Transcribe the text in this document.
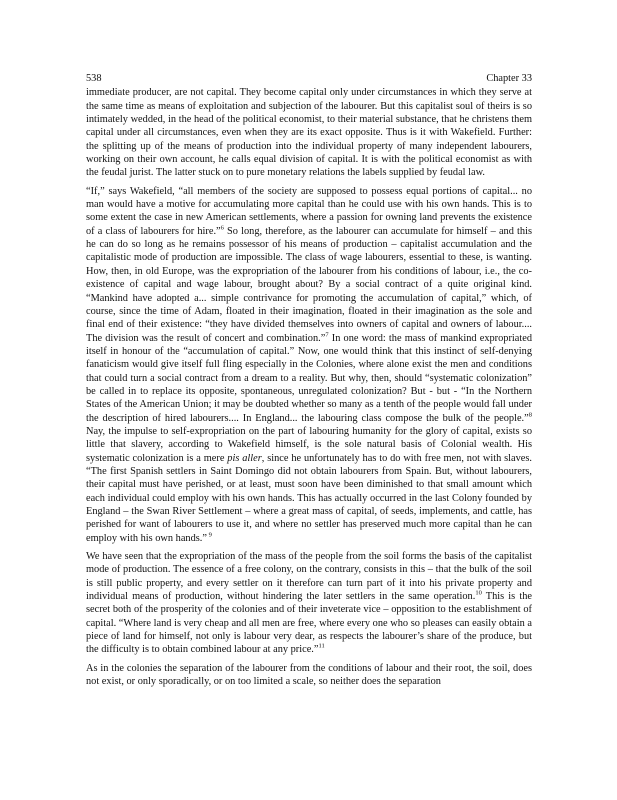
538	Chapter 33

immediate producer, are not capital. They become capital only under circumstances in which they serve at the same time as means of exploitation and subjection of the labourer. But this capitalist soul of theirs is so intimately wedded, in the head of the political economist, to their material substance, that he christens them capital under all circumstances, even when they are its exact opposite. Thus is it with Wakefield. Further: the splitting up of the means of production into the individual property of many independent labourers, working on their own account, he calls equal division of capital. It is with the political economist as with the feudal jurist. The latter stuck on to pure monetary relations the labels supplied by feudal law.

“If,” says Wakefield, “all members of the society are supposed to possess equal portions of capital... no man would have a motive for accumulating more capital than he could use with his own hands. This is to some extent the case in new American settlements, where a passion for owning land prevents the existence of a class of labourers for hire.”$^6$ So long, therefore, as the labourer can accumulate for himself – and this he can do so long as he remains possessor of his means of production – capitalist accumulation and the capitalistic mode of production are impossible. The class of wage labourers, essential to these, is wanting. How, then, in old Europe, was the expropriation of the labourer from his conditions of labour, i.e., the co-existence of capital and wage labour, brought about? By a social contract of a quite original kind. “Mankind have adopted a... simple contrivance for promoting the accumulation of capital,” which, of course, since the time of Adam, floated in their imagination, floated in their imagination as the sole and final end of their existence: “they have divided themselves into owners of capital and owners of labour.... The division was the result of concert and combination.”$^7$ In one word: the mass of mankind expropriated itself in honour of the “accumulation of capital.” Now, one would think that this instinct of self-denying fanaticism would give itself full fling especially in the Colonies, where alone exist the men and conditions that could turn a social contract from a dream to a reality. But why, then, should “systematic colonization” be called in to replace its opposite, spontaneous, unregulated colonization? But - but - “In the Northern States of the American Union; it may be doubted whether so many as a tenth of the people would fall under the description of hired labourers.... In England... the labouring class compose the bulk of the people.”$^8$ Nay, the impulse to self-expropriation on the part of labouring humanity for the glory of capital, exists so little that slavery, according to Wakefield himself, is the sole natural basis of Colonial wealth. His systematic colonization is a mere pis aller, since he unfortunately has to do with free men, not with slaves. “The first Spanish settlers in Saint Domingo did not obtain labourers from Spain. But, without labourers, their capital must have perished, or at least, must soon have been diminished to that small amount which each individual could employ with his own hands. This has actually occurred in the last Colony founded by England – the Swan River Settlement – where a great mass of capital, of seeds, implements, and cattle, has perished for want of labourers to use it, and where no settler has preserved much more capital than he can employ with his own hands.” $^9$

We have seen that the expropriation of the mass of the people from the soil forms the basis of the capitalist mode of production. The essence of a free colony, on the contrary, consists in this – that the bulk of the soil is still public property, and every settler on it therefore can turn part of it into his private property and individual means of production, without hindering the later settlers in the same operation.$^{10}$ This is the secret both of the prosperity of the colonies and of their inveterate vice – opposition to the establishment of capital. “Where land is very cheap and all men are free, where every one who so pleases can easily obtain a piece of land for himself, not only is labour very dear, as respects the labourer’s share of the produce, but the difficulty is to obtain combined labour at any price.”$^{11}$

As in the colonies the separation of the labourer from the conditions of labour and their root, the soil, does not exist, or only sporadically, or on too limited a scale, so neither does the separation
